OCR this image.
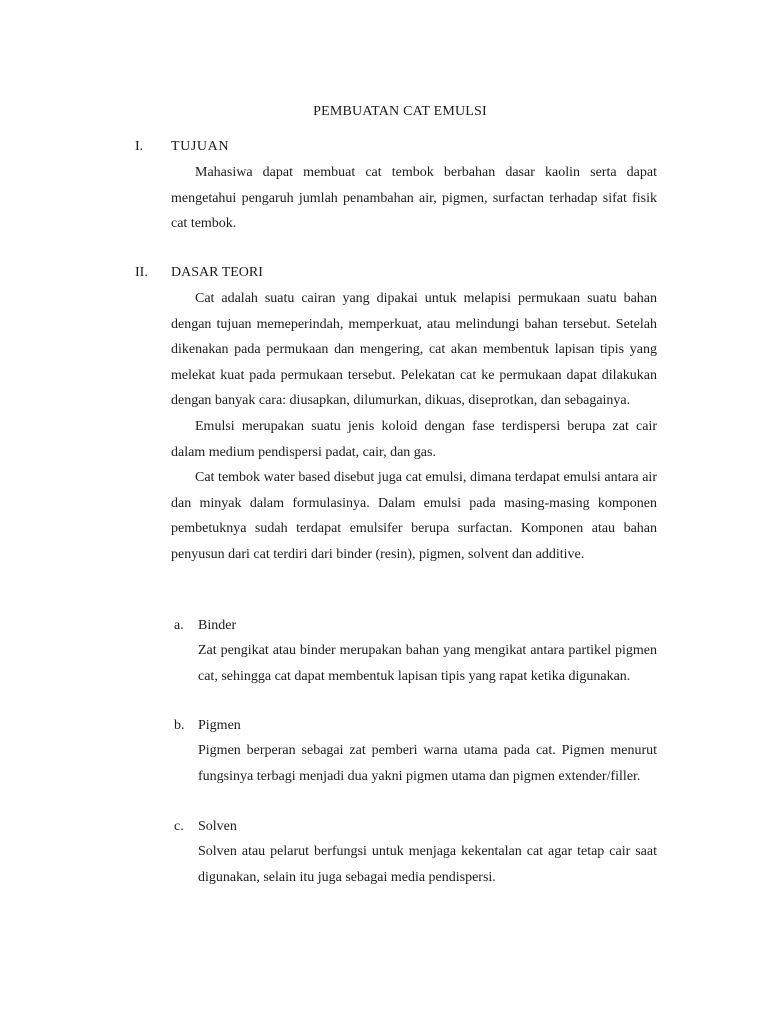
PEMBUATAN CAT EMULSI
I. TUJUAN

Mahasiwa dapat membuat cat tembok berbahan dasar kaolin serta dapat mengetahui pengaruh jumlah penambahan air, pigmen, surfactan terhadap sifat fisik cat tembok.

II. DASAR TEORI

Cat adalah suatu cairan yang dipakai untuk melapisi permukaan suatu bahan dengan tujuan memeperindah, memperkuat, atau melindungi bahan tersebut. Setelah dikenakan pada permukaan dan mengering, cat akan membentuk lapisan tipis yang melekat kuat pada permukaan tersebut. Pelekatan cat ke permukaan dapat dilakukan dengan banyak cara: diusapkan, dilumurkan, dikuas, diseprotkan, dan sebagainya.

Emulsi merupakan suatu jenis koloid dengan fase terdispersi berupa zat cair dalam medium pendispersi padat, cair, dan gas.

Cat tembok water based disebut juga cat emulsi, dimana terdapat emulsi antara air dan minyak dalam formulasinya. Dalam emulsi pada masing-masing komponen pembetuknya sudah terdapat emulsifer berupa surfactan. Komponen atau bahan penyusun dari cat terdiri dari binder (resin), pigmen, solvent dan additive.

a. Binder

Zat pengikat atau binder merupakan bahan yang mengikat antara partikel pigmen cat, sehingga cat dapat membentuk lapisan tipis yang rapat ketika digunakan.

b. Pigmen

Pigmen berperan sebagai zat pemberi warna utama pada cat. Pigmen menurut fungsinya terbagi menjadi dua yakni pigmen utama dan pigmen extender/filler.

c. Solven

Solven atau pelarut berfungsi untuk menjaga kekentalan cat agar tetap cair saat digunakan, selain itu juga sebagai media pendispersi.
